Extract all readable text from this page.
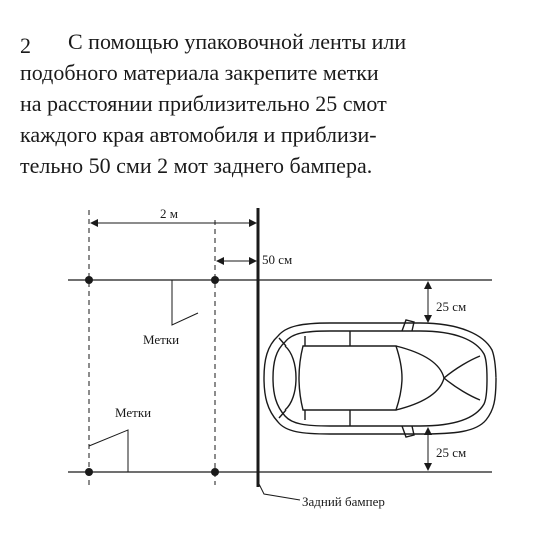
2 С помощью упаковочной ленты или
подобного материала закрепите метки
на расстоянии приблизительно 25 смот
каждого края автомобиля и приблизи-
тельно 50 сми 2 мот заднего бампера.
2 м
50 см
25 см
25 см
Метки
Метки
Задний бампер
